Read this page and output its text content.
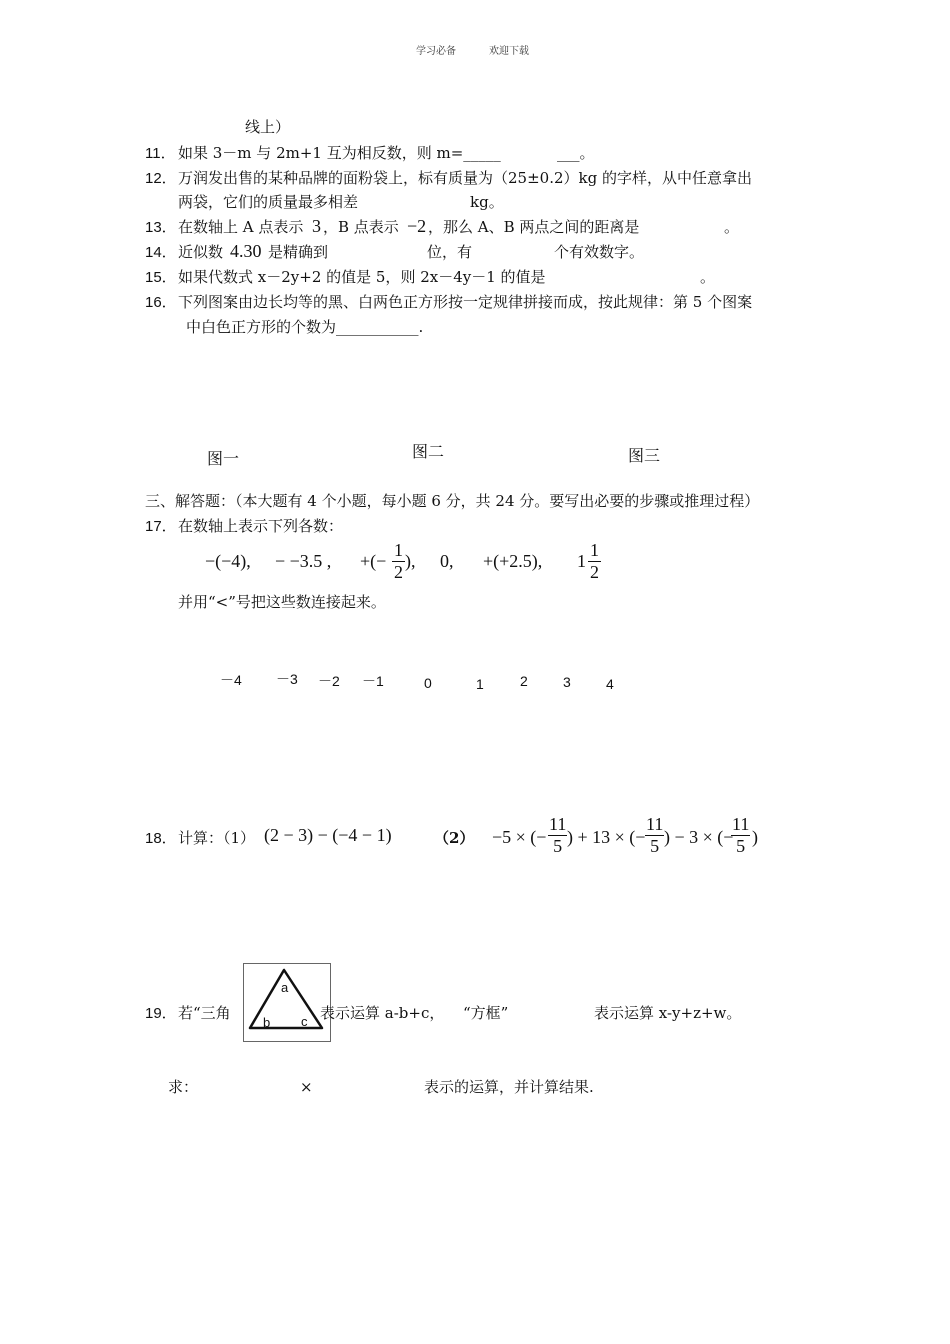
学习必备	欢迎下载
线上）
11． 如果 3－m 与 2m+1 互为相反数，则 m=_____	___。
12． 万润发出售的某种品牌的面粉袋上，标有质量为（25±0.2）kg 的字样，从中任意拿出
两袋，它们的质量最多相差	kg。
13． 在数轴上 A 点表示 3 ，B 点表示 −2 ，那么 A、B 两点之间的距离是	。
14． 近似数 4.30 是精确到	位，有	个有效数字。
15． 如果代数式 x－2y+2 的值是 5，则 2x－4y－1 的值是	。
16． 下列图案由边长均等的黑、白两色正方形按一定规律拼接而成，按此规律：第 5 个图案
中白色正方形的个数为___________.
图一	图二	图三
三、解答题：（本大题有 4 个小题，每小题 6 分，共 24 分。要写出必要的步骤或推理过程）
17． 在数轴上表示下列各数：
−(−4), − −3.5 , +(− $\frac{1}{2}$ ), 0, +(+2.5), $1 \frac{1}{2}$
并用“<”号把这些数连接起来。
－4 －3 －2 －1	0	1	2	3	4
18． 计算：（1） (2 − 3) − (−4 − 1)	（2） −5 × (− $\frac{11}{5}$ ) + 13 × (− $\frac{11}{5}$ ) − 3 × (−
$\frac{11}{5}$ )
19． 若“三角
a
b c 表示运算 a-b+c， “方框”	表示运算 x-y+z+w。
求：	×	表示的运算，并计算结果.
